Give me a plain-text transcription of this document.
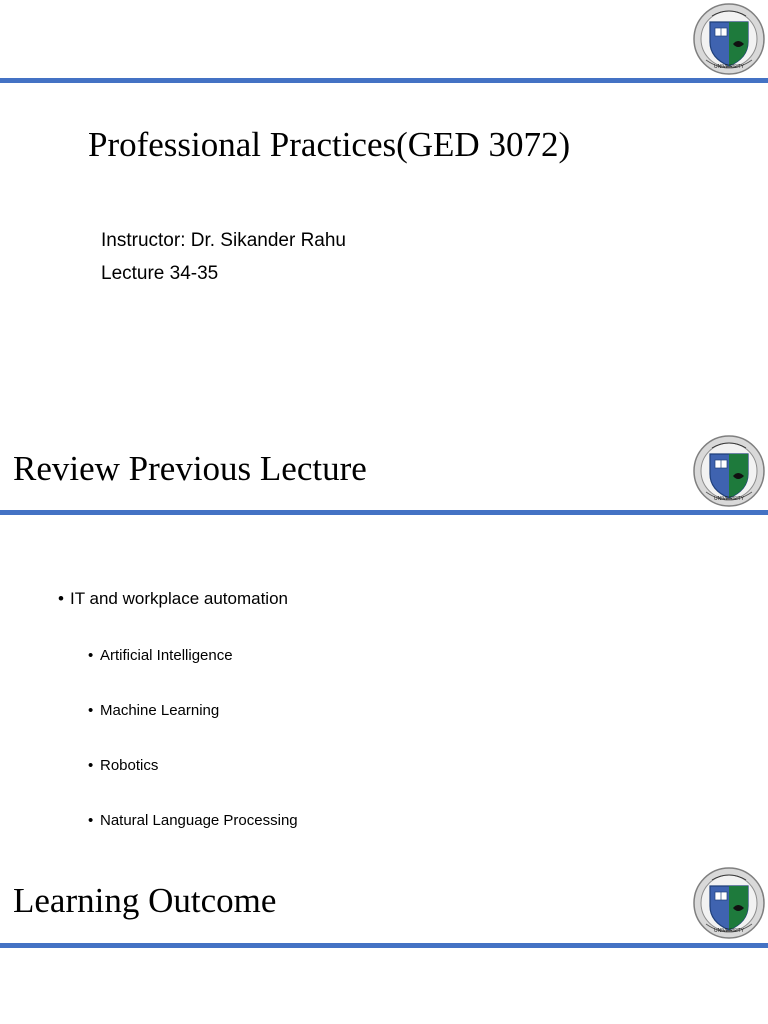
UNIVERSITY
Professional Practices(GED 3072)
Instructor: Dr. Sikander Rahu
Lecture 34-35
UNIVERSITY
Review Previous Lecture
• IT and workplace automation
• Artificial Intelligence
• Machine Learning
• Robotics
• Natural Language Processing
UNIVERSITY
Learning Outcome
